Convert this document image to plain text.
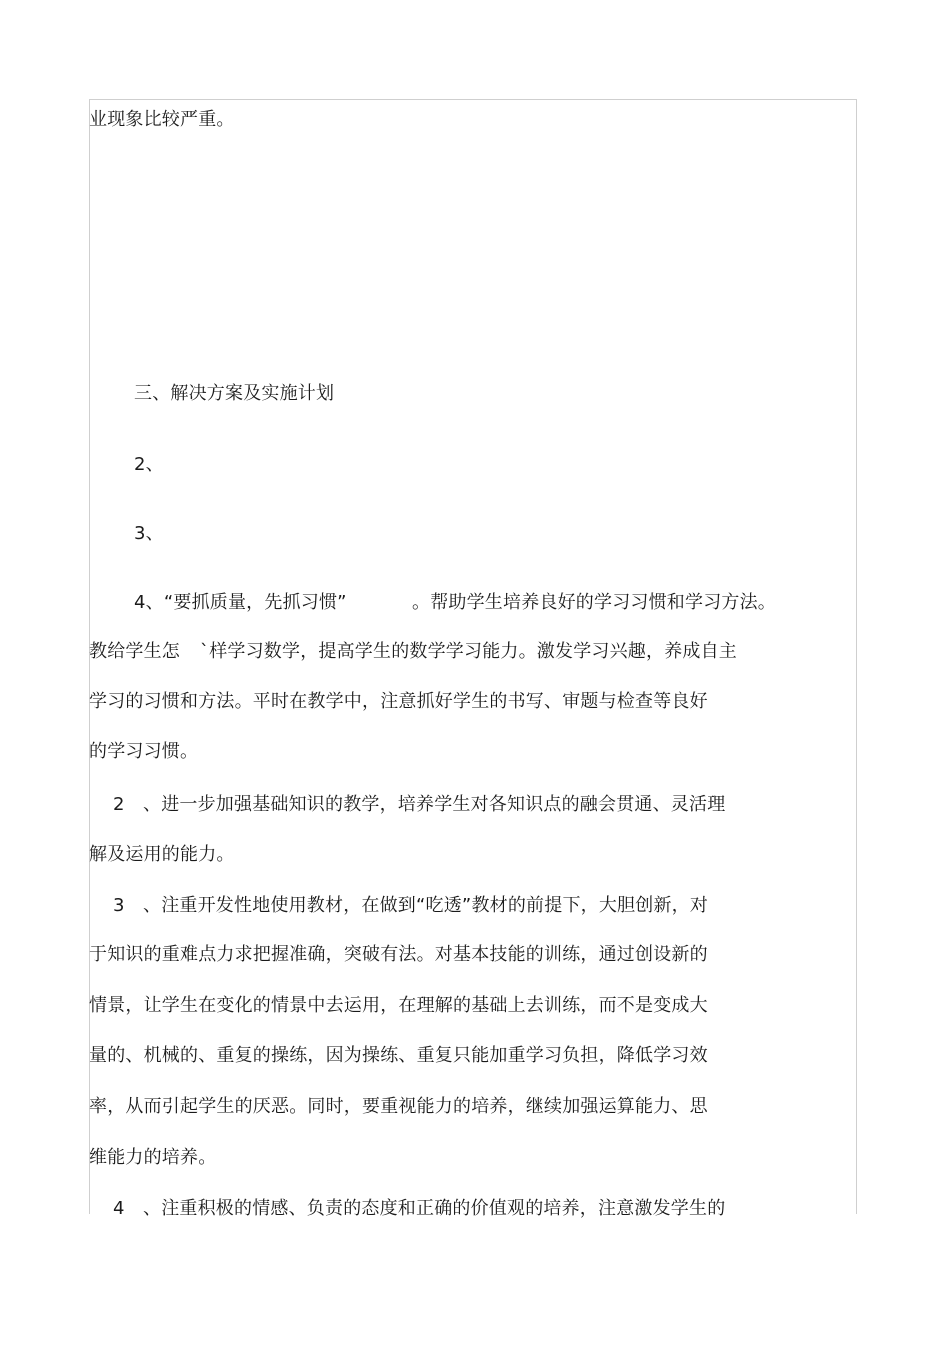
业现象比较严重。
三、解决方案及实施计划
2、
3、
4、“要抓质量，先抓习惯”	。帮助学生培养良好的学习习惯和学习方法。
教给学生怎 `样学习数学，提高学生的数学学习能力。激发学习兴趣，养成自主
学习的习惯和方法。平时在教学中，注意抓好学生的书写、审题与检查等良好
的学习习惯。
2 、进一步加强基础知识的教学，培养学生对各知识点的融会贯通、灵活理
解及运用的能力。
3 、注重开发性地使用教材，在做到“吃透”教材的前提下，大胆创新，对
于知识的重难点力求把握准确，突破有法。对基本技能的训练，通过创设新的
情景，让学生在变化的情景中去运用，在理解的基础上去训练，而不是变成大
量的、机械的、重复的操练，因为操练、重复只能加重学习负担，降低学习效
率，从而引起学生的厌恶。同时，要重视能力的培养，继续加强运算能力、思
维能力的培养。
4 、注重积极的情感、负责的态度和正确的价值观的培养，注意激发学生的
